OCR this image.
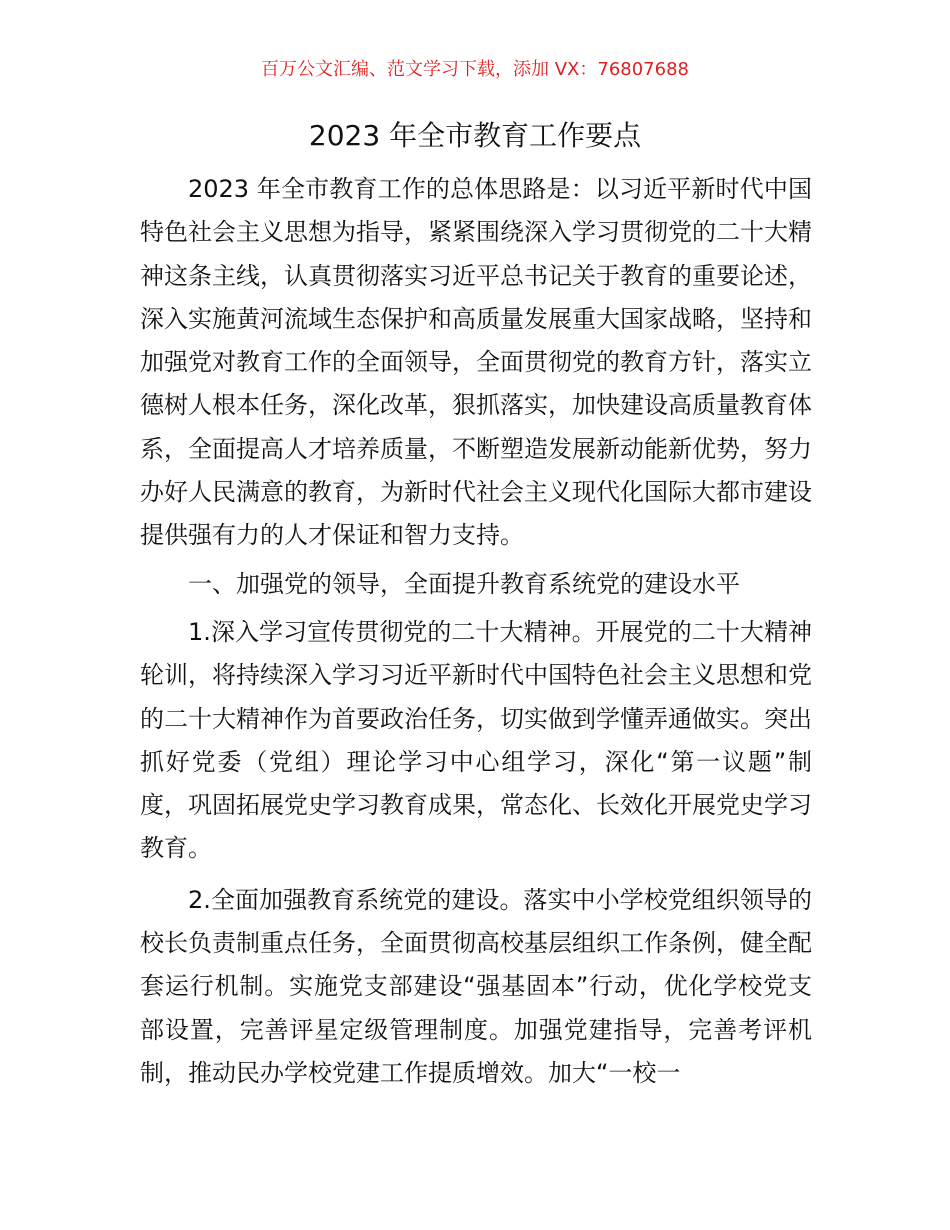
百万公文汇编、范文学习下载，添加 VX：76807688
2023 年全市教育工作要点

2023 年全市教育工作的总体思路是：以习近平新时代中国特色社会主义思想为指导，紧紧围绕深入学习贯彻党的二十大精神这条主线，认真贯彻落实习近平总书记关于教育的重要论述，深入实施黄河流域生态保护和高质量发展重大国家战略，坚持和加强党对教育工作的全面领导，全面贯彻党的教育方针，落实立德树人根本任务，深化改革，狠抓落实，加快建设高质量教育体系，全面提高人才培养质量，不断塑造发展新动能新优势，努力办好人民满意的教育，为新时代社会主义现代化国际大都市建设提供强有力的人才保证和智力支持。

一、加强党的领导，全面提升教育系统党的建设水平

1.深入学习宣传贯彻党的二十大精神。开展党的二十大精神轮训，将持续深入学习习近平新时代中国特色社会主义思想和党的二十大精神作为首要政治任务，切实做到学懂弄通做实。突出抓好党委（党组）理论学习中心组学习，深化“第一议题”制度，巩固拓展党史学习教育成果，常态化、长效化开展党史学习教育。

2.全面加强教育系统党的建设。落实中小学校党组织领导的校长负责制重点任务，全面贯彻高校基层组织工作条例，健全配套运行机制。实施党支部建设“强基固本”行动，优化学校党支部设置，完善评星定级管理制度。加强党建指导，完善考评机制，推动民办学校党建工作提质增效。加大“一校一
